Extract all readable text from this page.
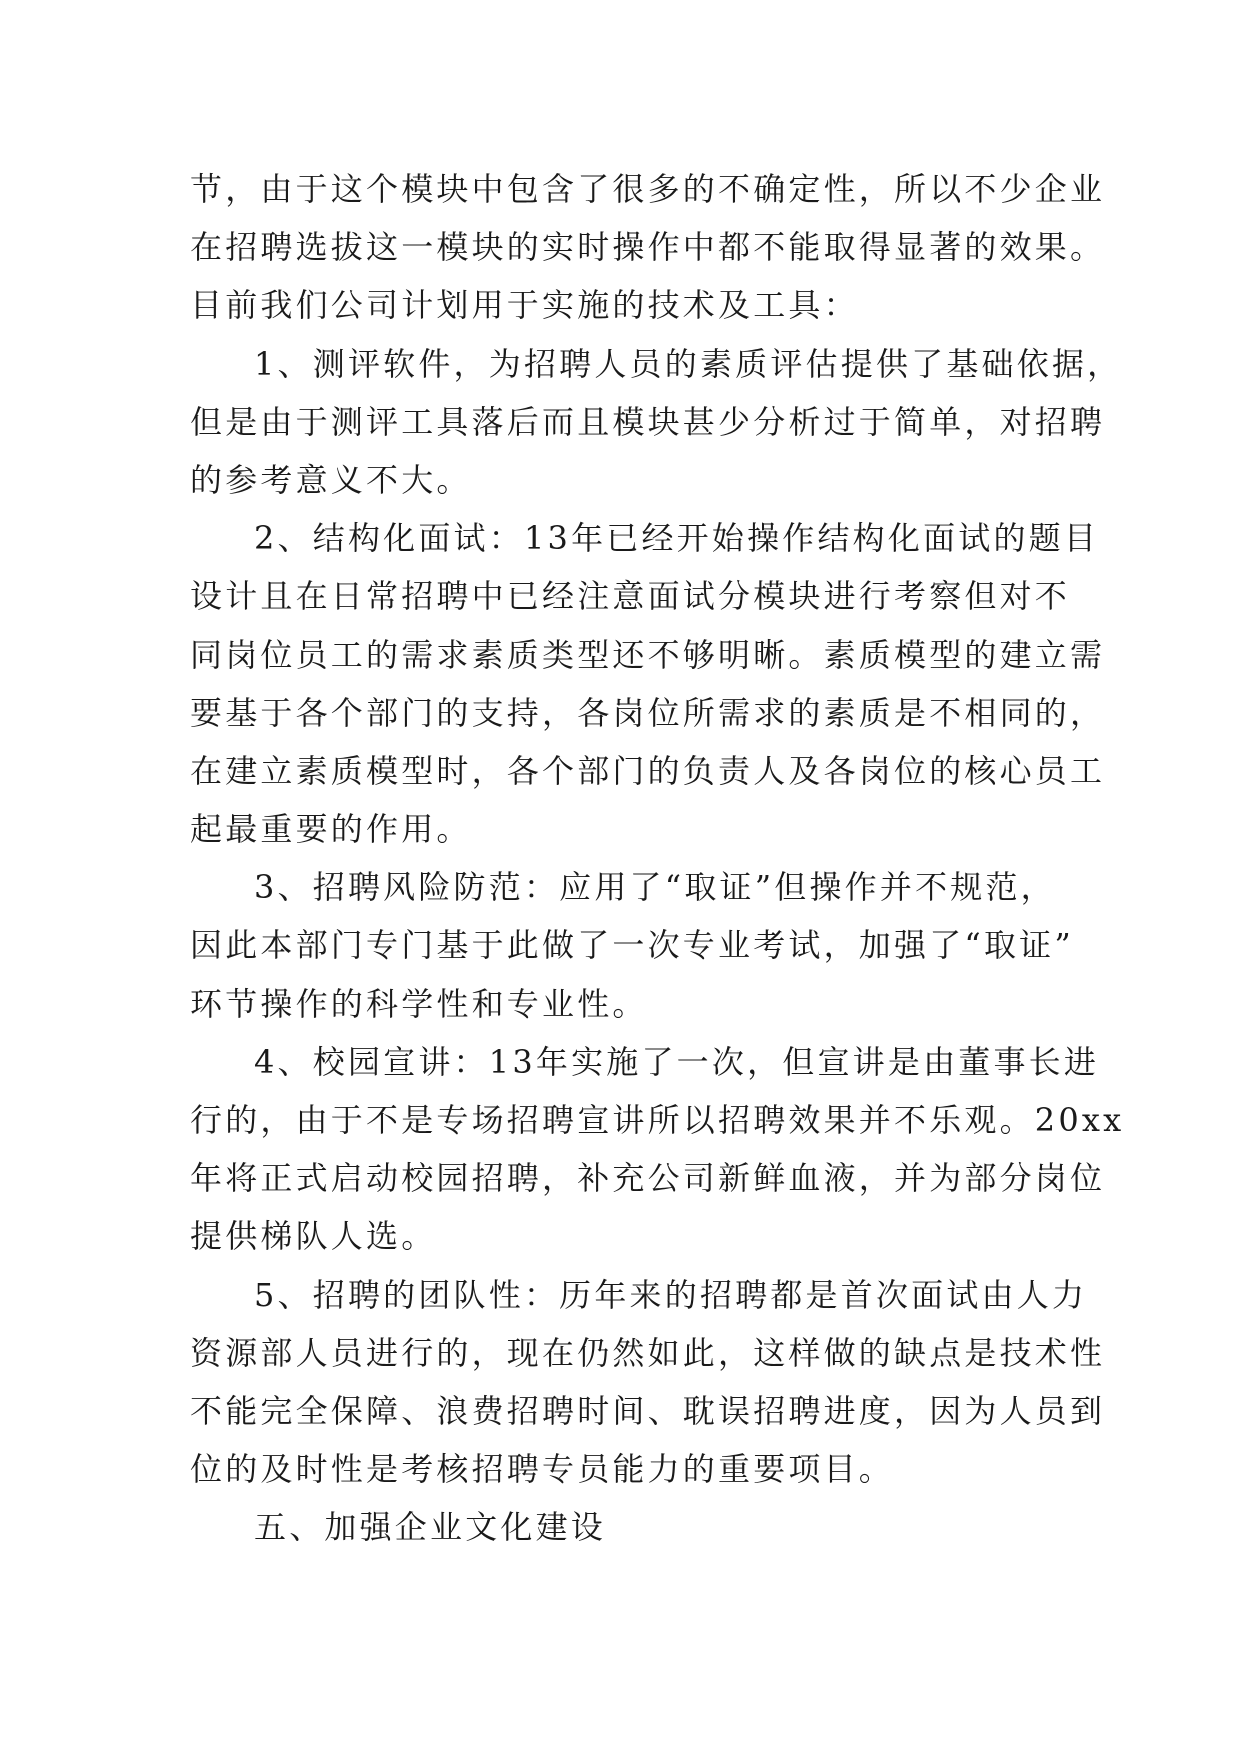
节，由于这个模块中包含了很多的不确定性，所以不少企业
在招聘选拔这一模块的实时操作中都不能取得显著的效果。
目前我们公司计划用于实施的技术及工具：
1、测评软件，为招聘人员的素质评估提供了基础依据，
但是由于测评工具落后而且模块甚少分析过于简单，对招聘
的参考意义不大。
2、结构化面试：13年已经开始操作结构化面试的题目
设计且在日常招聘中已经注意面试分模块进行考察但对不
同岗位员工的需求素质类型还不够明晰。素质模型的建立需
要基于各个部门的支持，各岗位所需求的素质是不相同的，
在建立素质模型时，各个部门的负责人及各岗位的核心员工
起最重要的作用。
3、招聘风险防范：应用了“取证”但操作并不规范，
因此本部门专门基于此做了一次专业考试，加强了“取证”
环节操作的科学性和专业性。
4、校园宣讲：13年实施了一次，但宣讲是由董事长进
行的，由于不是专场招聘宣讲所以招聘效果并不乐观。20xx
年将正式启动校园招聘，补充公司新鲜血液，并为部分岗位
提供梯队人选。
5、招聘的团队性：历年来的招聘都是首次面试由人力
资源部人员进行的，现在仍然如此，这样做的缺点是技术性
不能完全保障、浪费招聘时间、耽误招聘进度，因为人员到
位的及时性是考核招聘专员能力的重要项目。
五、加强企业文化建设
